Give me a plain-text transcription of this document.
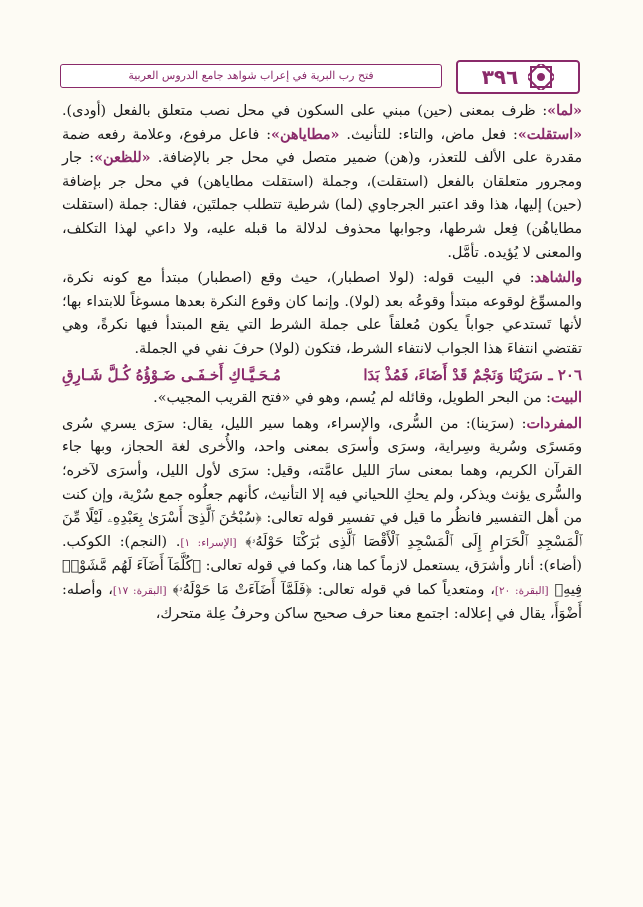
فتح رب البرية في إعراب شواهد جامع الدروس العربية	٣٩٦

«لما»: ظرف بمعنى (حين) مبني على السكون في محل نصب متعلق بالفعل (أودى). «استقلت»: فعل ماض، والتاء: للتأنيث. «مطاياهن»: فاعل مرفوع، وعلامة رفعه ضمة مقدرة على الألف للتعذر، و(هن) ضمير متصل في محل جر بالإضافة. «للظعن»: جار ومجرور متعلقان بالفعل (استقلت)، وجملة (استقلت مطاياهن) في محل جر بإضافة (حين) إليها، هذا وقد اعتبر الجرجاوي (لما) شرطية تتطلب جملتَين، فقال: جملة (استقلت مطاياهُن) فِعل شرطها، وجوابها محذوف لدلالة ما قبله عليه، ولا داعي لهذا التكلف، والمعنى لا يُؤيده. تأمَّل.

والشاهد: في البيت قوله: (لولا اصطبار)، حيث وقع (اصطبار) مبتدأ مع كونه نكرة، والمسوِّغ لوقوعه مبتدأ وقوعُه بعد (لولا). وإنما كان وقوع النكرة بعدها مسوغاً للابتداء بها؛ لأنها تَستدعي جواباً يكون مُعلقاً على جملة الشرط التي يقع المبتدأ فيها نكرةً، وهي تقتضي انتفاءَ هذا الجواب لانتفاء الشرط، فتكون (لولا) حرفَ نفي في الجملة.

٢٠٦ ـ سَرَيْنَا وَنَجْمٌ قَدْ أَضَاءَ، فَمُذْ بَدَا
مُـحَـيَّـاكِ أَخـفَـى ضَـوْؤُهُ كُـلَّ شَـارِقِ

البيت: من البحر الطويل، وقائله لم يُسم، وهو في «فتح القريب المجيب».

المفردات: (سرَينا): من السُّرى، والإسراء، وهما سير الليل، يقال: سرَى يسري سُرى ومَسرًى وسُرية وسِراية، وسرَى وأسرَى بمعنى واحد، والأُخرى لغة الحجاز، وبها جاء القرآن الكريم، وهما بمعنى سارَ الليل عامَّته، وقيل: سرَى لأول الليل، وأسرَى لآخره؛ والسُّرى يؤنث ويذكر، ولم يحكِ اللحياني فيه إلا التأنيث، كأنهم جعلُوه جمع سُرْية، وإن كنت من أهل التفسير فانظُر ما قيل في تفسير قوله تعالى: ﴿سُبْحَٰنَ ٱلَّذِىٓ أَسْرَىٰ بِعَبْدِهِۦ لَيْلًا مِّنَ ٱلْمَسْجِدِ ٱلْحَرَامِ إِلَى ٱلْمَسْجِدِ ٱلْأَقْصَا ٱلَّذِى بَٰرَكْنَا حَوْلَهُۥ﴾ [الإسراء: ١]. (النجم): الكوكب. (أضاء): أنار وأشرَق، يستعمل لازماً كما هنا، وكما في قوله تعالى: ﴿كُلَّمَآ أَضَآءَ لَهُم مَّشَوْا۟ فِيهِ﴾ [البقرة: ٢٠]، ومتعدياً كما في قوله تعالى: ﴿فَلَمَّآ أَضَآءَتْ مَا حَوْلَهُۥ﴾ [البقرة: ١٧]، وأصله: أَضْوَأَ، يقال في إعلاله: اجتمع معنا حرف صحيح ساكن وحرفُ عِلة متحرك،
